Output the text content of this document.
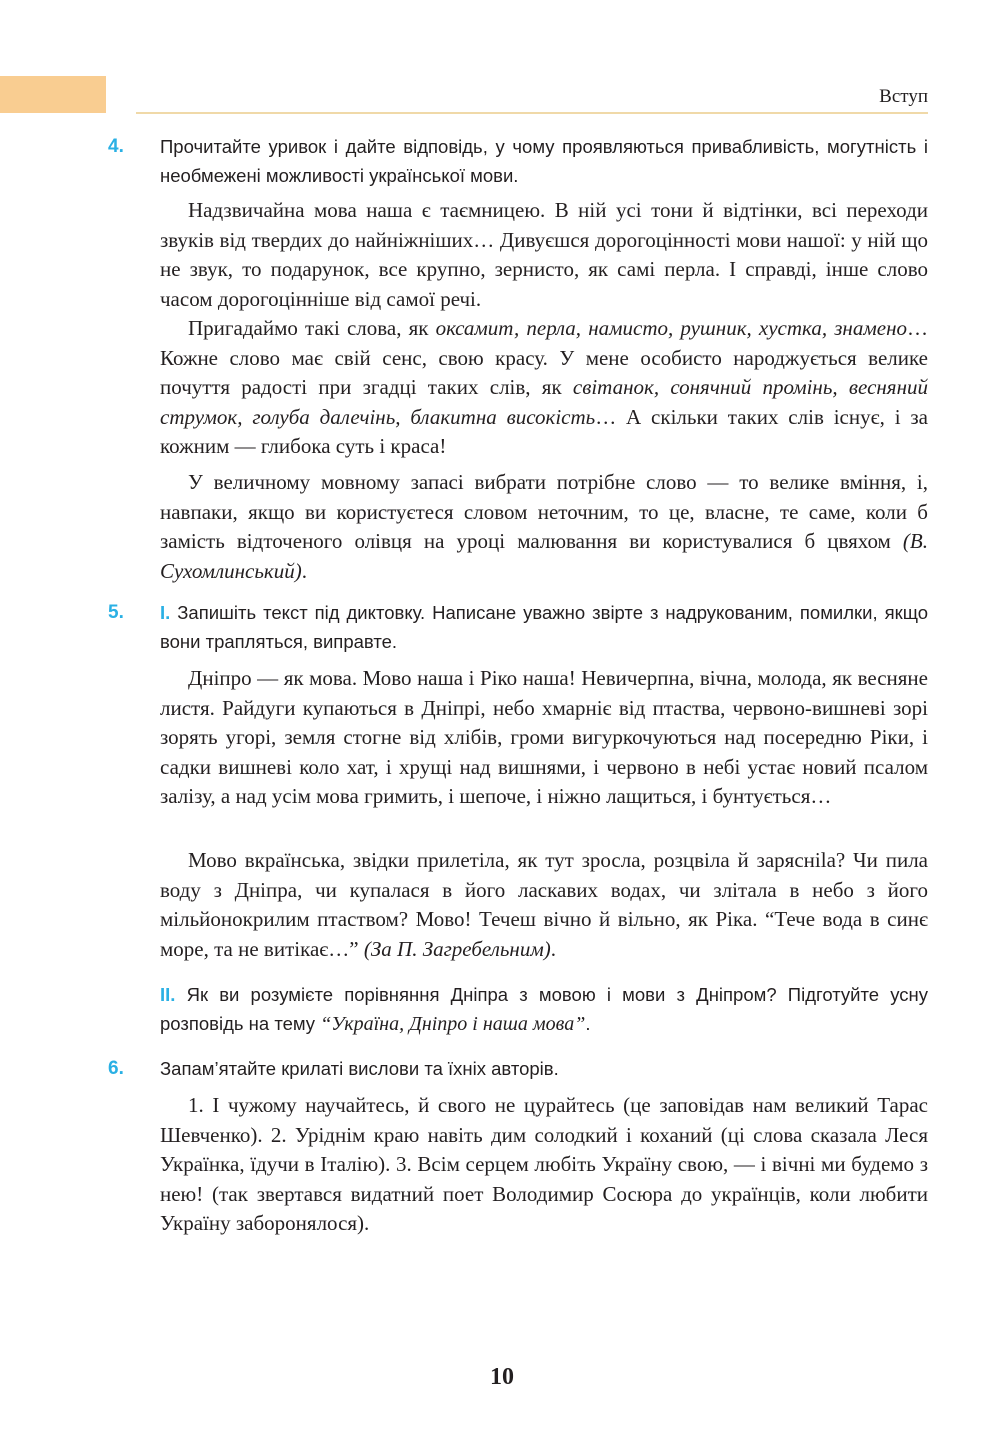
Вступ
4. Прочитайте уривок і дайте відповідь, у чому проявляються привабливість, могутність і необмежені можливості української мови.

Надзвичайна мова наша є таємницею. В ній усі тони й відтінки, всі переходи звуків від твердих до найніжніших… Дивуєшся дорогоцінності мови нашої: у ній що не звук, то подарунок, все крупно, зернисто, як самі перла. І справді, інше слово часом дорогоцінніше від самої речі.

Пригадаймо такі слова, як оксамит, перла, намисто, рушник, хустка, знамено… Кожне слово має свій сенс, свою красу. У мене особисто народжується велике почуття радості при згадці таких слів, як світанок, сонячний промінь, весняний струмок, голуба далечінь, блакитна високість… А скільки таких слів існує, і за кожним — глибока суть і краса!

У величному мовному запасі вибрати потрібне слово — то велике вміння, і, навпаки, якщо ви користуєтеся словом неточним, то це, власне, те саме, коли б замість відточеного олівця на уроці малювання ви користувалися б цвяхом (В. Сухомлинський).

5. І. Запишіть текст під диктовку. Написане уважно звірте з надрукованим, помилки, якщо вони трапляться, виправте.

Дніпро — як мова. Мово наша і Ріко наша! Невичерпна, вічна, молода, як весняне листя. Райдуги купаються в Дніпрі, небо хмарніє від птаства, червоно-вишневі зорі зорять угорі, земля стогне від хлібів, громи вигуркочуються над посередню Ріки, і садки вишневі коло хат, і хрущі над вишнями, і червоно в небі устає новий псалом залізу, а над усім мова гримить, і шепоче, і ніжно лащиться, і бунтується…

Мово вкраїнська, звідки прилетіла, як тут зросла, розцвіла й заряснila? Чи пила воду з Дніпра, чи купалася в його ласкавих водах, чи злітала в небо з його мільйонокрилим птаством? Мово! Течеш вічно й вільно, як Ріка. “Тече вода в синє море, та не витікає…” (За П. Загребельним).

ІІ. Як ви розумієте порівняння Дніпра з мовою і мови з Дніпром? Підготуйте усну розповідь на тему “Україна, Дніпро і наша мова”.
6. Запам’ятайте крилаті вислови та їхніх авторів.

1. І чужому научайтесь, й свого не цурайтесь (це заповідав нам великий Тарас Шевченко). 2. Уріднім краю навіть дим солодкий і коханий (ці слова сказала Леся Українка, їдучи в Італію). 3. Всім серцем любіть Україну свою, — і вічні ми будемо з нею! (так звертався видатний поет Володимир Сосюра до українців, коли любити Україну заборонялося).

10
